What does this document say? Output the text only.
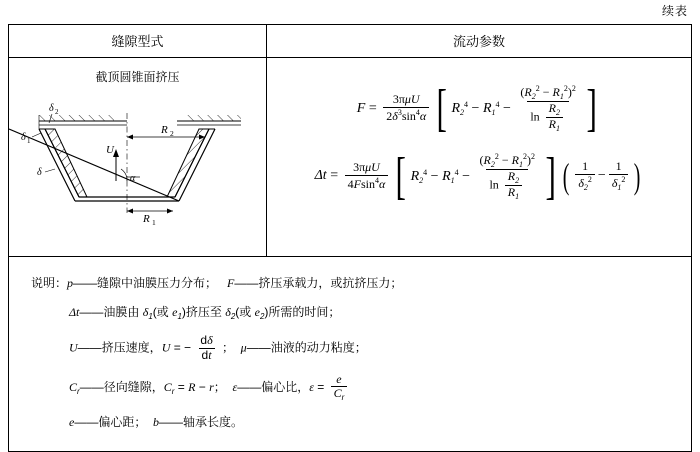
续表
缝隙型式	流动参数
截顶圆锥面挤压
R 2
R 1
U
α
δ 2
δ 1
δ
$F = \frac{\text{3πμU}}{2\delta^3\sin^4\alpha}$ [ $R_2^4 - R_1^4 - \frac{(R_2^2 - R_1^2)^2}{\ln \frac{R_2}{R_1}}$ ]
$\Delta t = \frac{\text{3πμU}}{4Fsin^4\alpha}$ [ $R_2^4 - R_1^4 - \frac{(R_2^2 - R_1^2)^2}{\ln \frac{R_2}{R_1}}$ ] ( $\frac{1}{\delta_2^2} - \frac{1}{\delta_1^2}$ )
说明：p——缝隙中油膜压力分布；   F——挤压承载力，或抗挤压力；
Δt——油膜由 $\delta_1$(或 $e_1$)挤压至 $\delta_2$(或 $e_2$)所需的时间；
U——挤压速度，U = − $\frac{d\delta}{dt}$ ；  μ——油液的动力粘度；
$C_r——$径向缝隙，$C_r = R - r$；  ε——偏心比，$\varepsilon = \frac{e}{C_r}$
e——偏心距；  b——轴承长度。
